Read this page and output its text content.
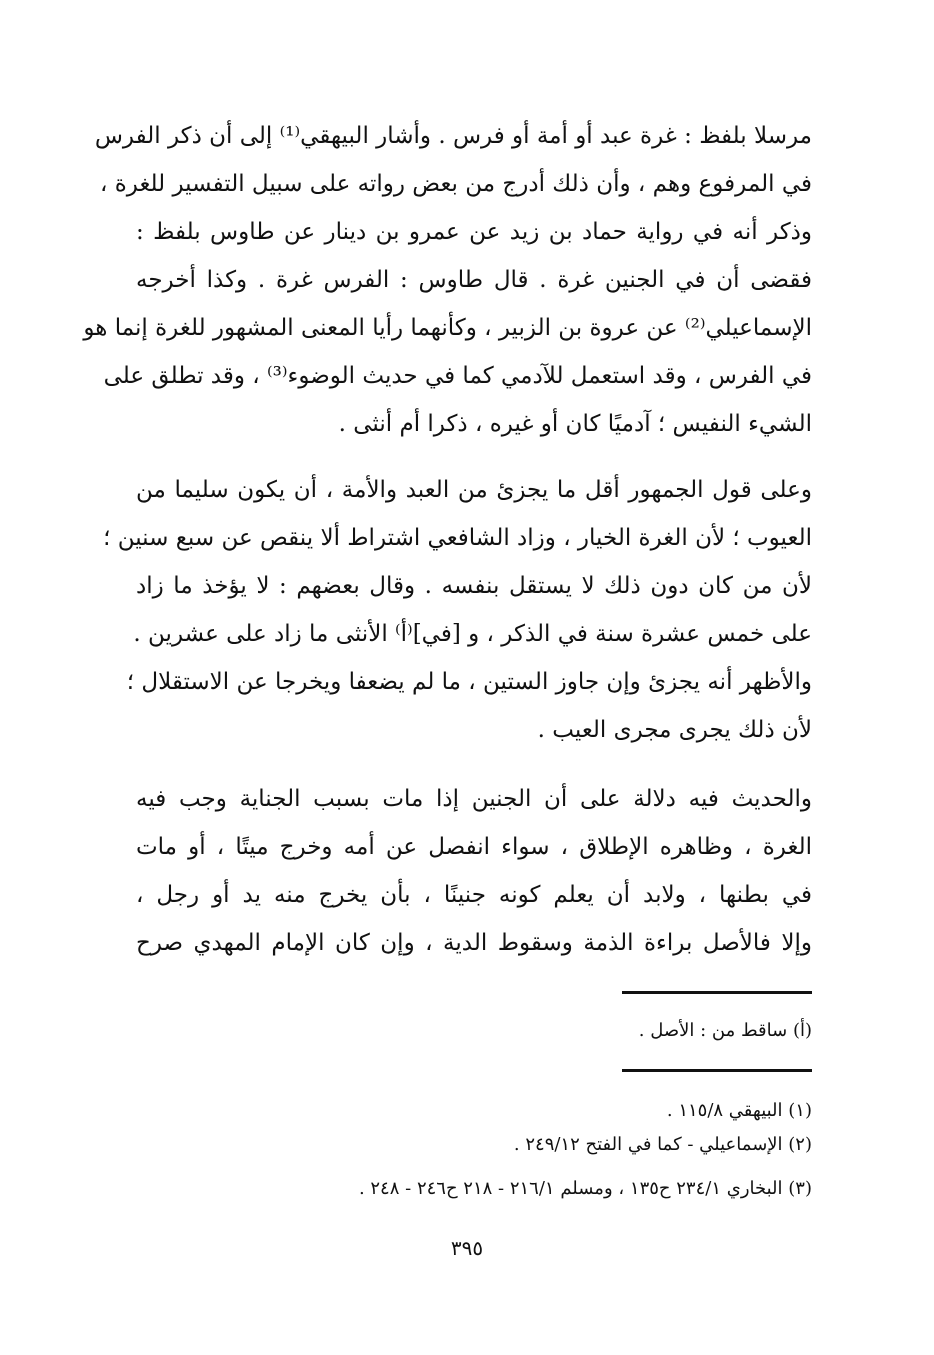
مرسلا بلفظ : غرة عبد أو أمة أو فرس . وأشار البيهقي⁽¹⁾ إلى أن ذكر الفرس
في المرفوع وهم ، وأن ذلك أدرج من بعض رواته على سبيل التفسير للغرة ،
وذكر أنه في رواية حماد بن زيد عن عمرو بن دينار عن طاوس بلفظ :
فقضى أن في الجنين غرة . قال طاوس : الفرس غرة . وكذا أخرجه
الإسماعيلي⁽²⁾ عن عروة بن الزبير ، وكأنهما رأيا المعنى المشهور للغرة إنما هو
في الفرس ، وقد استعمل للآدمي كما في حديث الوضوء⁽³⁾ ، وقد تطلق على
الشيء النفيس ؛ آدميًا كان أو غيره ، ذكرا أم أنثى .
وعلى قول الجمهور أقل ما يجزئ من العبد والأمة ، أن يكون سليما من
العيوب ؛ لأن الغرة الخيار ، وزاد الشافعي اشتراط ألا ينقص عن سبع سنين ؛
لأن من كان دون ذلك لا يستقل بنفسه . وقال بعضهم : لا يؤخذ ما زاد
على خمس عشرة سنة في الذكر ، و [في]⁽أ⁾ الأنثى ما زاد على عشرين .
والأظهر أنه يجزئ وإن جاوز الستين ، ما لم يضعفا ويخرجا عن الاستقلال ؛
لأن ذلك يجرى مجرى العيب .
والحديث فيه دلالة على أن الجنين إذا مات بسبب الجناية وجب فيه
الغرة ، وظاهره الإطلاق ، سواء انفصل عن أمه وخرج ميتًا ، أو مات
في بطنها ، ولابد أن يعلم كونه جنينًا ، بأن يخرج منه يد أو رجل ،
وإلا فالأصل براءة الذمة وسقوط الدية ، وإن كان الإمام المهدي صرح
(أ) ساقط من : الأصل .
(١) البيهقي ١١٥/٨ .
(٢) الإسماعيلي - كما في الفتح ٢٤٩/١٢ .
(٣) البخاري ٢٣٤/١ ح١٣٥ ، ومسلم ٢١٦/١ - ٢١٨ ح٢٤٦ - ٢٤٨ .
٣٩٥
